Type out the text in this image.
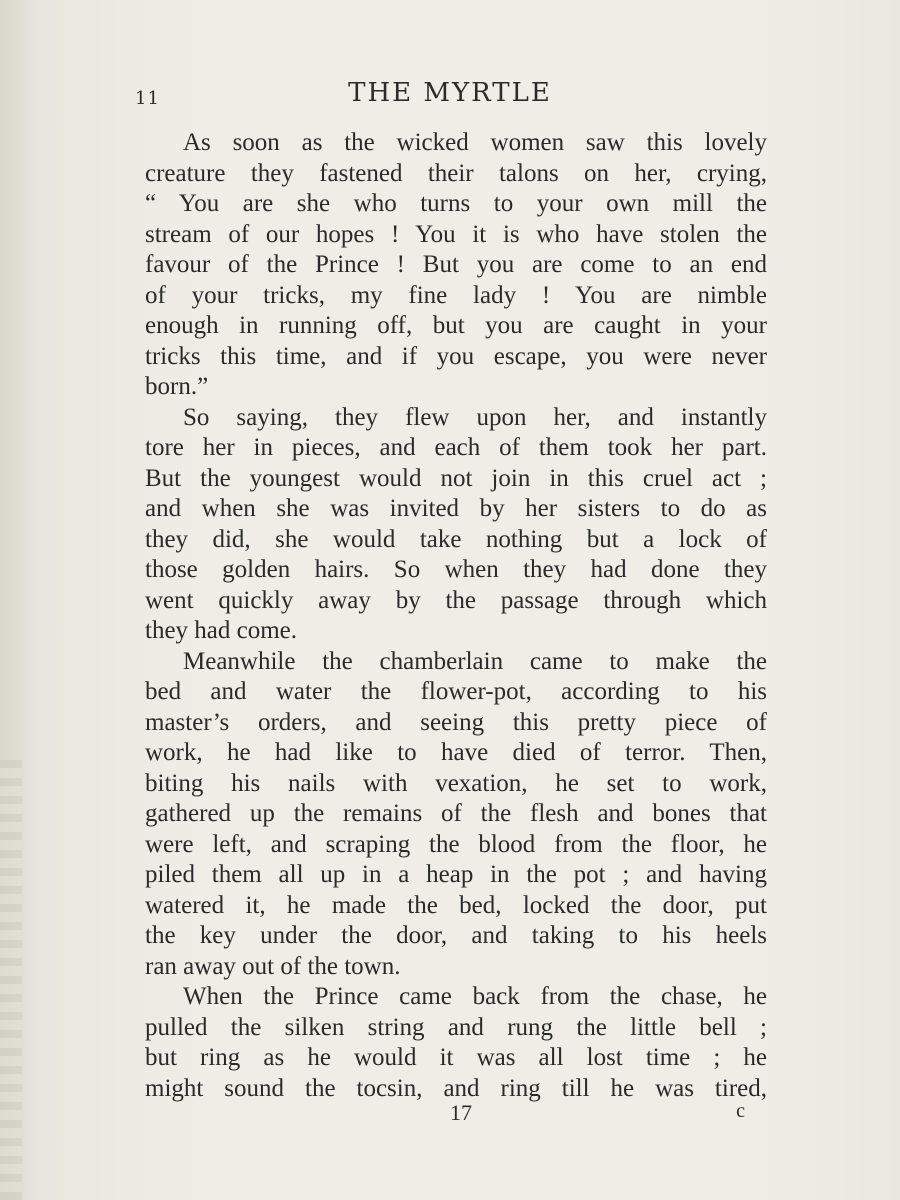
11	THE MYRTLE
As soon as the wicked women saw this lovely
creature they fastened their talons on her, crying,
“ You are she who turns to your own mill the
stream of our hopes ! You it is who have stolen the
favour of the Prince ! But you are come to an end
of your tricks, my fine lady ! You are nimble
enough in running off, but you are caught in your
tricks this time, and if you escape, you were never
born.”
So saying, they flew upon her, and instantly
tore her in pieces, and each of them took her part.
But the youngest would not join in this cruel act ;
and when she was invited by her sisters to do as
they did, she would take nothing but a lock of
those golden hairs. So when they had done they
went quickly away by the passage through which
they had come.
Meanwhile the chamberlain came to make the
bed and water the flower-pot, according to his
master’s orders, and seeing this pretty piece of
work, he had like to have died of terror. Then,
biting his nails with vexation, he set to work,
gathered up the remains of the flesh and bones that
were left, and scraping the blood from the floor, he
piled them all up in a heap in the pot ; and having
watered it, he made the bed, locked the door, put
the key under the door, and taking to his heels
ran away out of the town.
When the Prince came back from the chase, he
pulled the silken string and rung the little bell ;
but ring as he would it was all lost time ; he
might sound the tocsin, and ring till he was tired,
17	c
